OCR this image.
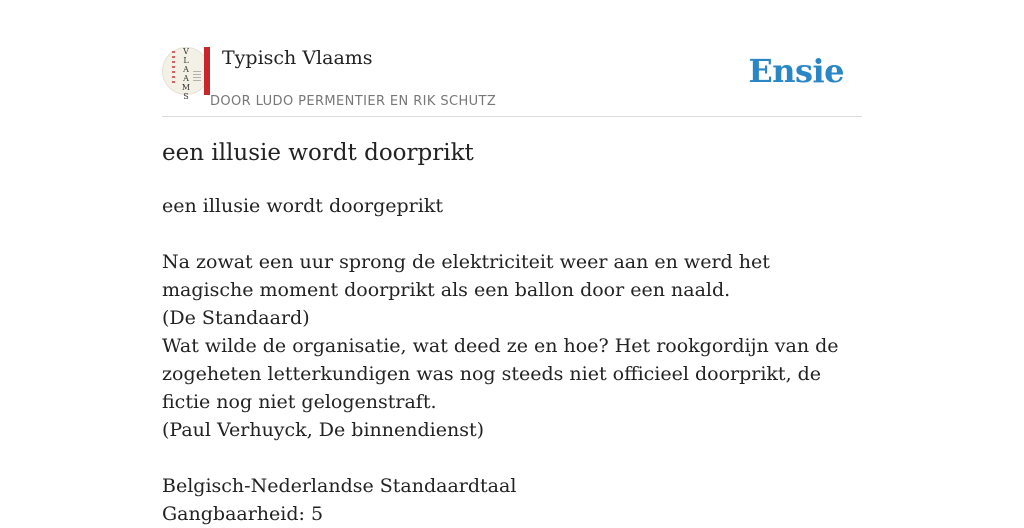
V
L
A
A
M
S
Typisch Vlaams
DOOR LUDO PERMENTIER EN RIK SCHUTZ
Ensie
een illusie wordt doorprikt

een illusie wordt doorgeprikt

Na zowat een uur sprong de elektriciteit weer aan en werd het magische moment doorprikt als een ballon door een naald.

(De Standaard)

Wat wilde de organisatie, wat deed ze en hoe? Het rookgordijn van de zogeheten letterkundigen was nog steeds niet officieel doorprikt, de fictie nog niet gelogenstraft.

(Paul Verhuyck, De binnendienst)

Belgisch-Nederlandse Standaardtaal

Gangbaarheid: 5
